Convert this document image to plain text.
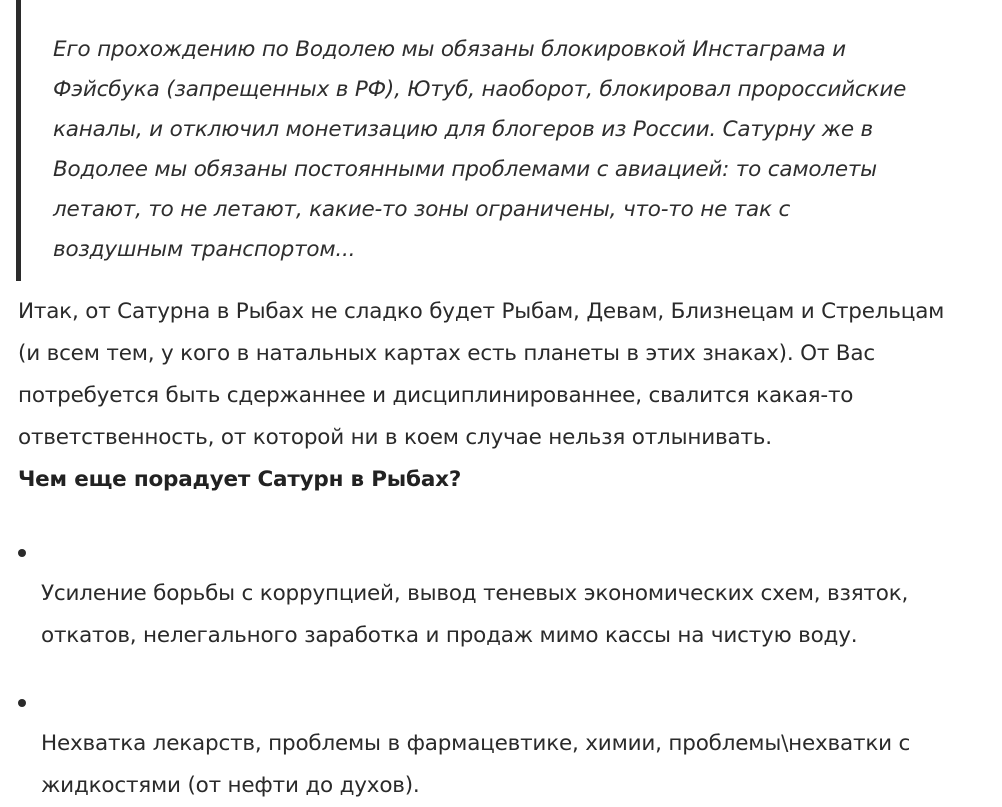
Его прохождению по Водолею мы обязаны блокировкой Инстаграма и
Фэйсбука (запрещенных в РФ), Ютуб, наоборот, блокировал пророссийские
каналы, и отключил монетизацию для блогеров из России. Сатурну же в
Водолее мы обязаны постоянными проблемами с авиацией: то самолеты
летают, то не летают, какие-то зоны ограничены, что-то не так с
воздушным транспортом...

Итак, от Сатурна в Рыбах не сладко будет Рыбам, Девам, Близнецам и Стрельцам
(и всем тем, у кого в натальных картах есть планеты в этих знаках). От Вас
потребуется быть сдержаннее и дисциплинированнее, свалится какая-то
ответственность, от которой ни в коем случае нельзя отлынивать.

Чем еще порадует Сатурн в Рыбах?

Усиление борьбы с коррупцией, вывод теневых экономических схем, взяток,
откатов, нелегального заработка и продаж мимо кассы на чистую воду.

Нехватка лекарств, проблемы в фармацевтике, химии, проблемы\нехватки с
жидкостями (от нефти до духов).
